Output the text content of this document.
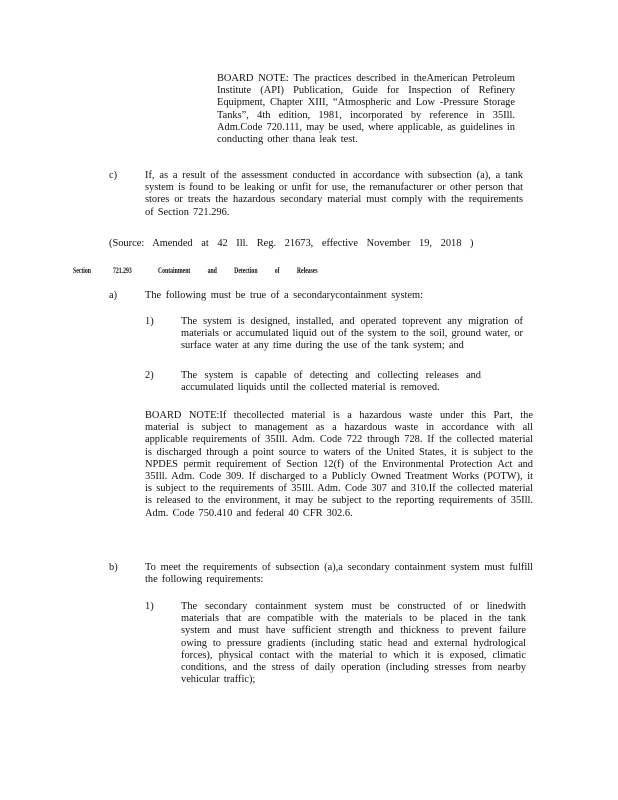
BOARD NOTE: The practices described in theAmerican Petroleum Institute (API) Publication, Guide for Inspection of Refinery Equipment, Chapter XIII, “Atmospheric and Low -Pressure Storage Tanks”, 4th edition, 1981, incorporated by reference in 35Ill. Adm.Code 720.111, may be used, where applicable, as guidelines in conducting other thana leak test.
c)	If, as a result of the assessment conducted in accordance with subsection (a), a tank system is found to be leaking or unfit for use, the remanufacturer or other person that stores or treats the hazardous secondary material must comply with the requirements of Section 721.296.
(Source: Amended at 42 Ill. Reg. 21673, effective November 19, 2018 )
Section	721.293	Containment and Detection of Releases
a)	The following must be true of a secondarycontainment system:
1)	The system is designed, installed, and operated toprevent any migration of materials or accumulated liquid out of the system to the soil, ground water, or surface water at any time during the use of the tank system; and
2)	The system is capable of detecting and collecting releases and accumulated liquids until the collected material is removed.
BOARD NOTE:If thecollected material is a hazardous waste under this Part, the material is subject to management as a hazardous waste in accordance with all applicable requirements of 35Ill. Adm. Code 722 through 728. If the collected material is discharged through a point source to waters of the United States, it is subject to the NPDES permit requirement of Section 12(f) of the Environmental Protection Act and 35Ill. Adm. Code 309. If discharged to a Publicly Owned Treatment Works (POTW), it is subject to the requirements of 35Ill. Adm. Code 307 and 310.If the collected material is released to the environment, it may be subject to the reporting requirements of 35Ill. Adm. Code 750.410 and federal 40 CFR 302.6.
b)	To meet the requirements of subsection (a),a secondary containment system must fulfill the following requirements:
1)	The secondary containment system must be constructed of or linedwith materials that are compatible with the materials to be placed in the tank system and must have sufficient strength and thickness to prevent failure owing to pressure gradients (including static head and external hydrological forces), physical contact with the material to which it is exposed, climatic conditions, and the stress of daily operation (including stresses from nearby vehicular traffic);
